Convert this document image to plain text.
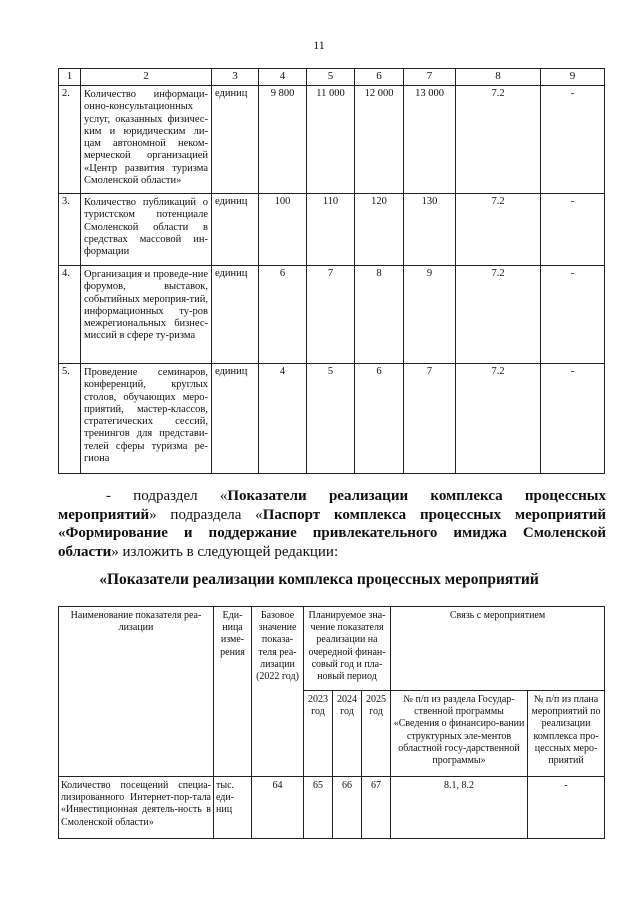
11
1	2	3	4	5	6	7	8	9
2.	Количество информаци-онно-консультационных услуг, оказанных физичес-ким и юридическим ли-цам автономной неком-мерческой организацией «Центр развития туризма Смоленской области»	единиц	9 800	11 000	12 000	13 000	7.2	-
3.	Количество публикаций о туристском потенциале Смоленской области в средствах массовой ин-формации	единиц	100	110	120	130	7.2	-
4.	Организация и проведе-ние форумов, выставок, событийных мероприя-тий, информационных ту-ров межрегиональных бизнес-миссий в сфере ту-ризма	единиц	6	7	8	9	7.2	-
5.	Проведение семинаров, конференций, круглых столов, обучающих меро-приятий, мастер-классов, стратегических сессий, тренингов для представи-телей сферы туризма ре-гиона	единиц	4	5	6	7	7.2	-
- подраздел «Показатели реализации комплекса процессных мероприятий» подраздела «Паспорт комплекса процессных мероприятий «Формирование и поддержание привлекательного имиджа Смоленской области» изложить в следующей редакции:
«Показатели реализации комплекса процессных мероприятий
Наименование показателя реа-лизации	Еди-ница изме-рения	Базовое значение показа-теля реа-лизации (2022 год)	Планируемое зна-чение показателя реализации на очередной финан-совый год и пла-новый период			Связь с мероприятием	
			2023 год	2024 год	2025 год	№ п/п из раздела Государ-ственной программы «Сведения о финансиро-вании структурных эле-ментов областной госу-дарственной программы»	№ п/п из плана мероприятий по реализации комплекса про-цессных меро-приятий
Количество посещений специа-лизированного Интернет-пор-тала «Инвестиционная деятель-ность в Смоленской области»	тыс. еди-ниц	64	65	66	67	8.1, 8.2	-
